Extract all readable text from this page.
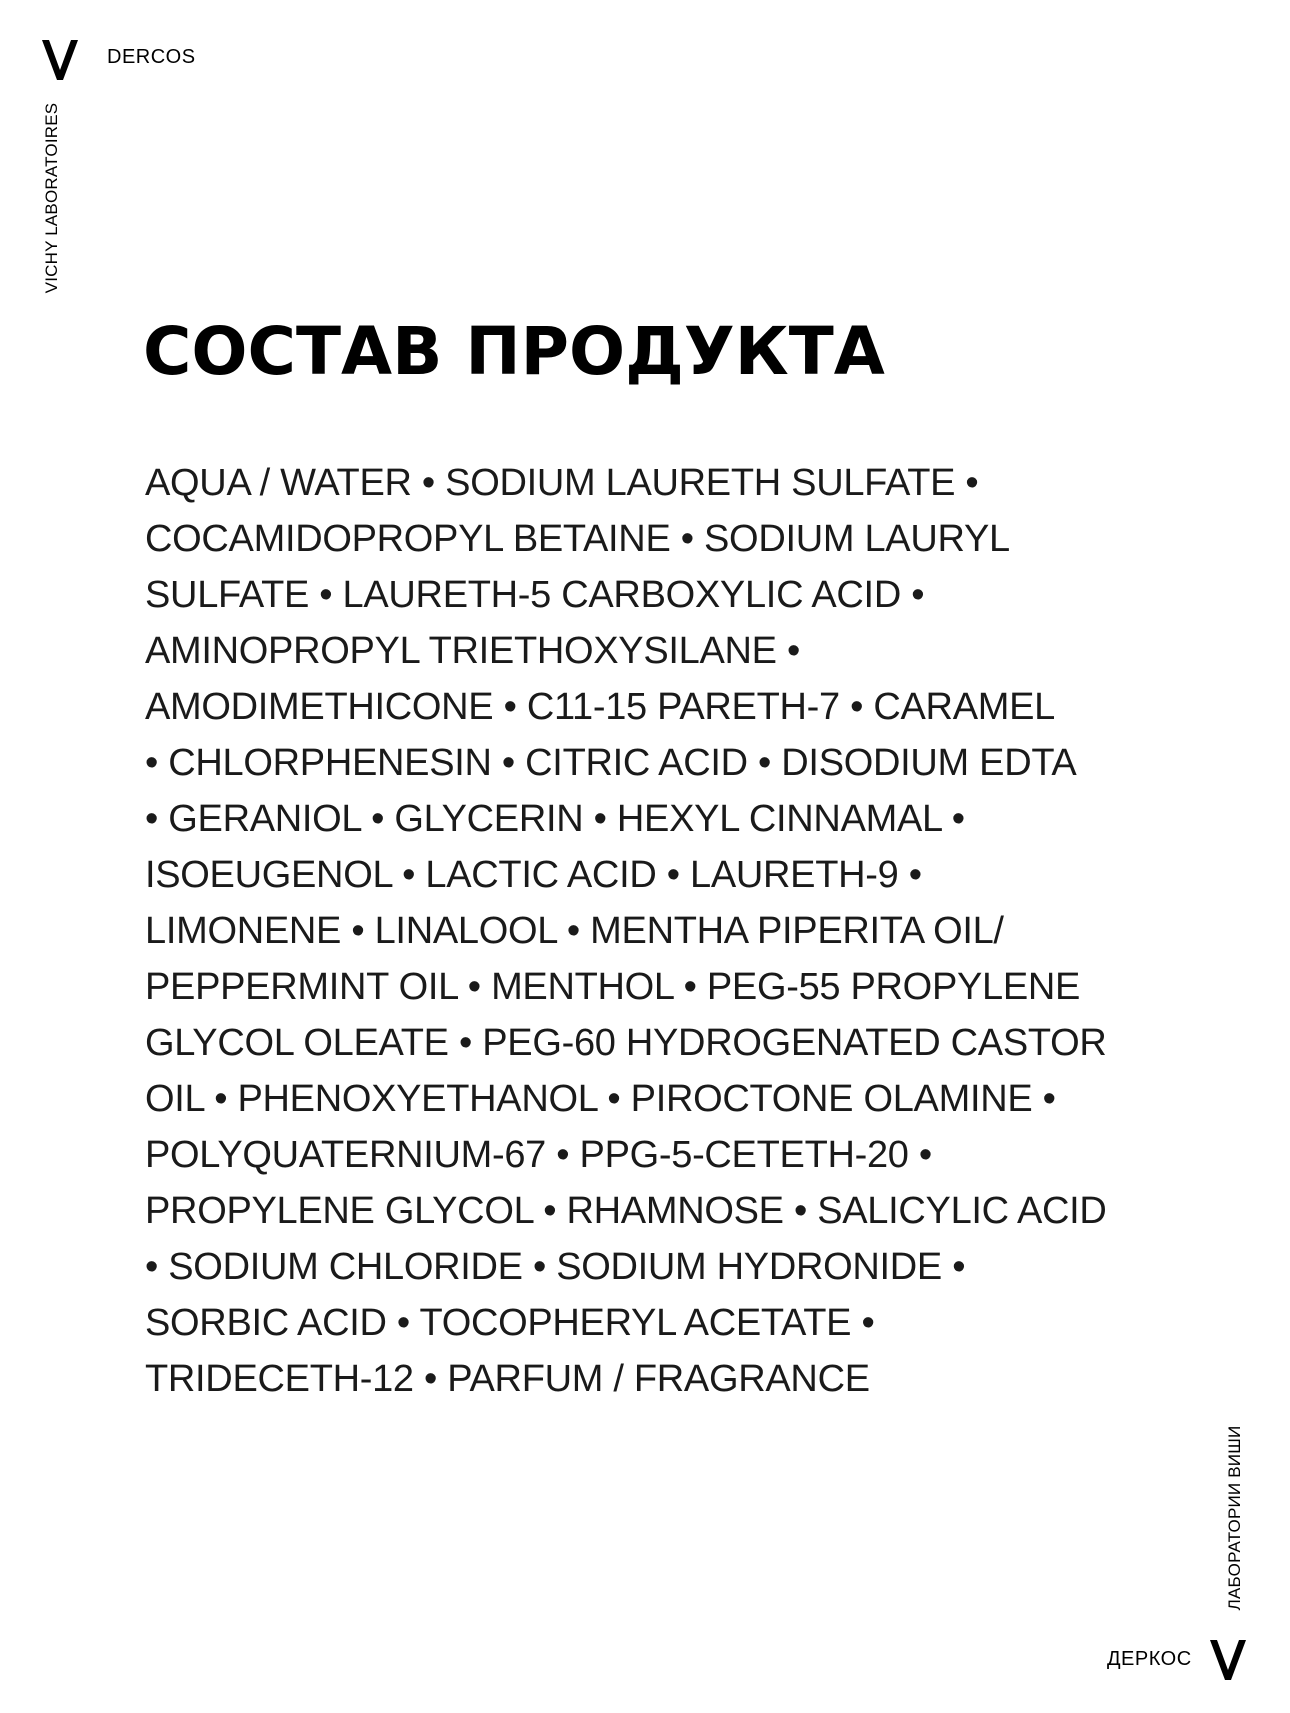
DERCOS
VICHY LABORATOIRES
СОСТАВ ПРОДУКТА
AQUA / WATER • SODIUM LAURETH SULFATE •
COCAMIDOPROPYL BETAINE • SODIUM LAURYL
SULFATE • LAURETH-5 CARBOXYLIC ACID •
AMINOPROPYL TRIETHOXYSILANE •
AMODIMETHICONE • C11-15 PARETH-7 • CARAMEL
• CHLORPHENESIN • CITRIC ACID • DISODIUM EDTA
• GERANIOL • GLYCERIN • HEXYL CINNAMAL •
ISOEUGENOL • LACTIC ACID • LAURETH-9 •
LIMONENE • LINALOOL • MENTHA PIPERITA OIL/
PEPPERMINT OIL • MENTHOL • PEG-55 PROPYLENE
GLYCOL OLEATE • PEG-60 HYDROGENATED CASTOR
OIL • PHENOXYETHANOL • PIROCTONE OLAMINE •
POLYQUATERNIUM-67 • PPG-5-CETETH-20 •
PROPYLENE GLYCOL • RHAMNOSE • SALICYLIC ACID
• SODIUM CHLORIDE • SODIUM HYDRONIDE •
SORBIC ACID • TOCOPHERYL ACETATE •
TRIDECETH-12 • PARFUM / FRAGRANCE
ЛАБОРАТОРИИ ВИШИ
ДЕРКОС
